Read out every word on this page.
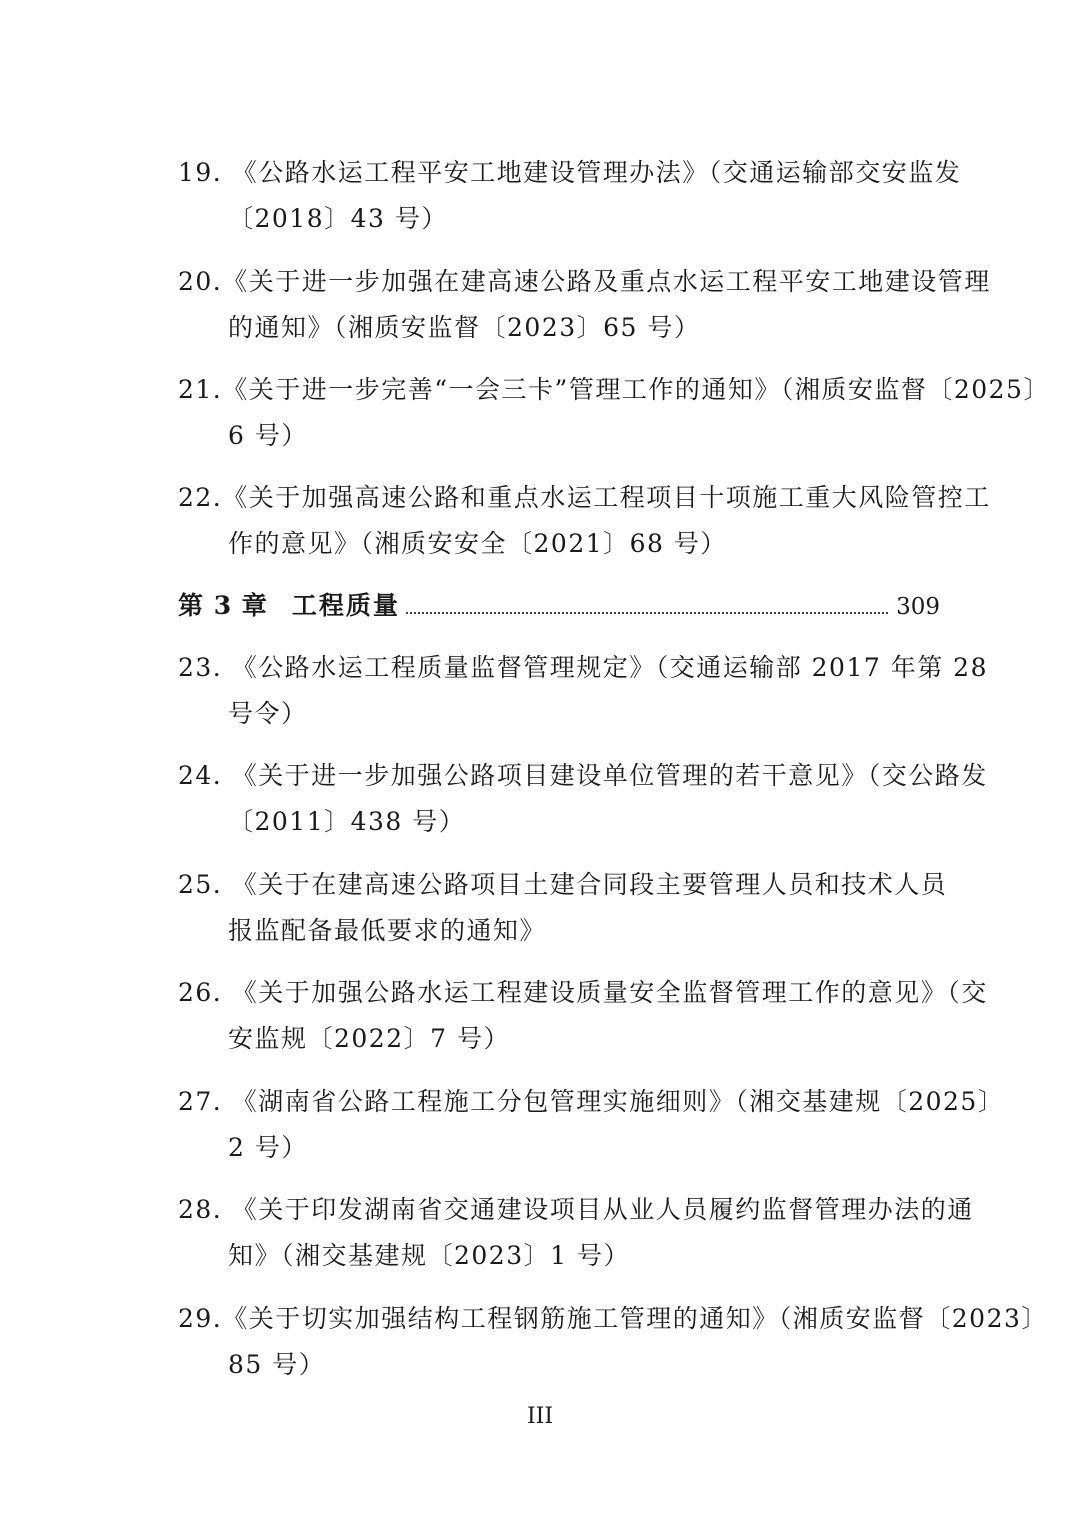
19. 《公路水运工程平安工地建设管理办法》（交通运输部交安监发
〔2018〕43 号）
20.《关于进一步加强在建高速公路及重点水运工程平安工地建设管理
的通知》（湘质安监督〔2023〕65 号）
21.《关于进一步完善“一会三卡”管理工作的通知》（湘质安监督〔2025〕
6 号）
22.《关于加强高速公路和重点水运工程项目十项施工重大风险管控工
作的意见》（湘质安安全〔2021〕68 号）
第 3 章 工程质量	309
23. 《公路水运工程质量监督管理规定》（交通运输部 2017 年第 28
号令）
24. 《关于进一步加强公路项目建设单位管理的若干意见》（交公路发
〔2011〕438 号）
25. 《关于在建高速公路项目土建合同段主要管理人员和技术人员
报监配备最低要求的通知》
26. 《关于加强公路水运工程建设质量安全监督管理工作的意见》（交
安监规〔2022〕7 号）
27. 《湖南省公路工程施工分包管理实施细则》（湘交基建规〔2025〕
2 号）
28. 《关于印发湖南省交通建设项目从业人员履约监督管理办法的通
知》（湘交基建规〔2023〕1 号）
29.《关于切实加强结构工程钢筋施工管理的通知》（湘质安监督〔2023〕
85 号）
III
